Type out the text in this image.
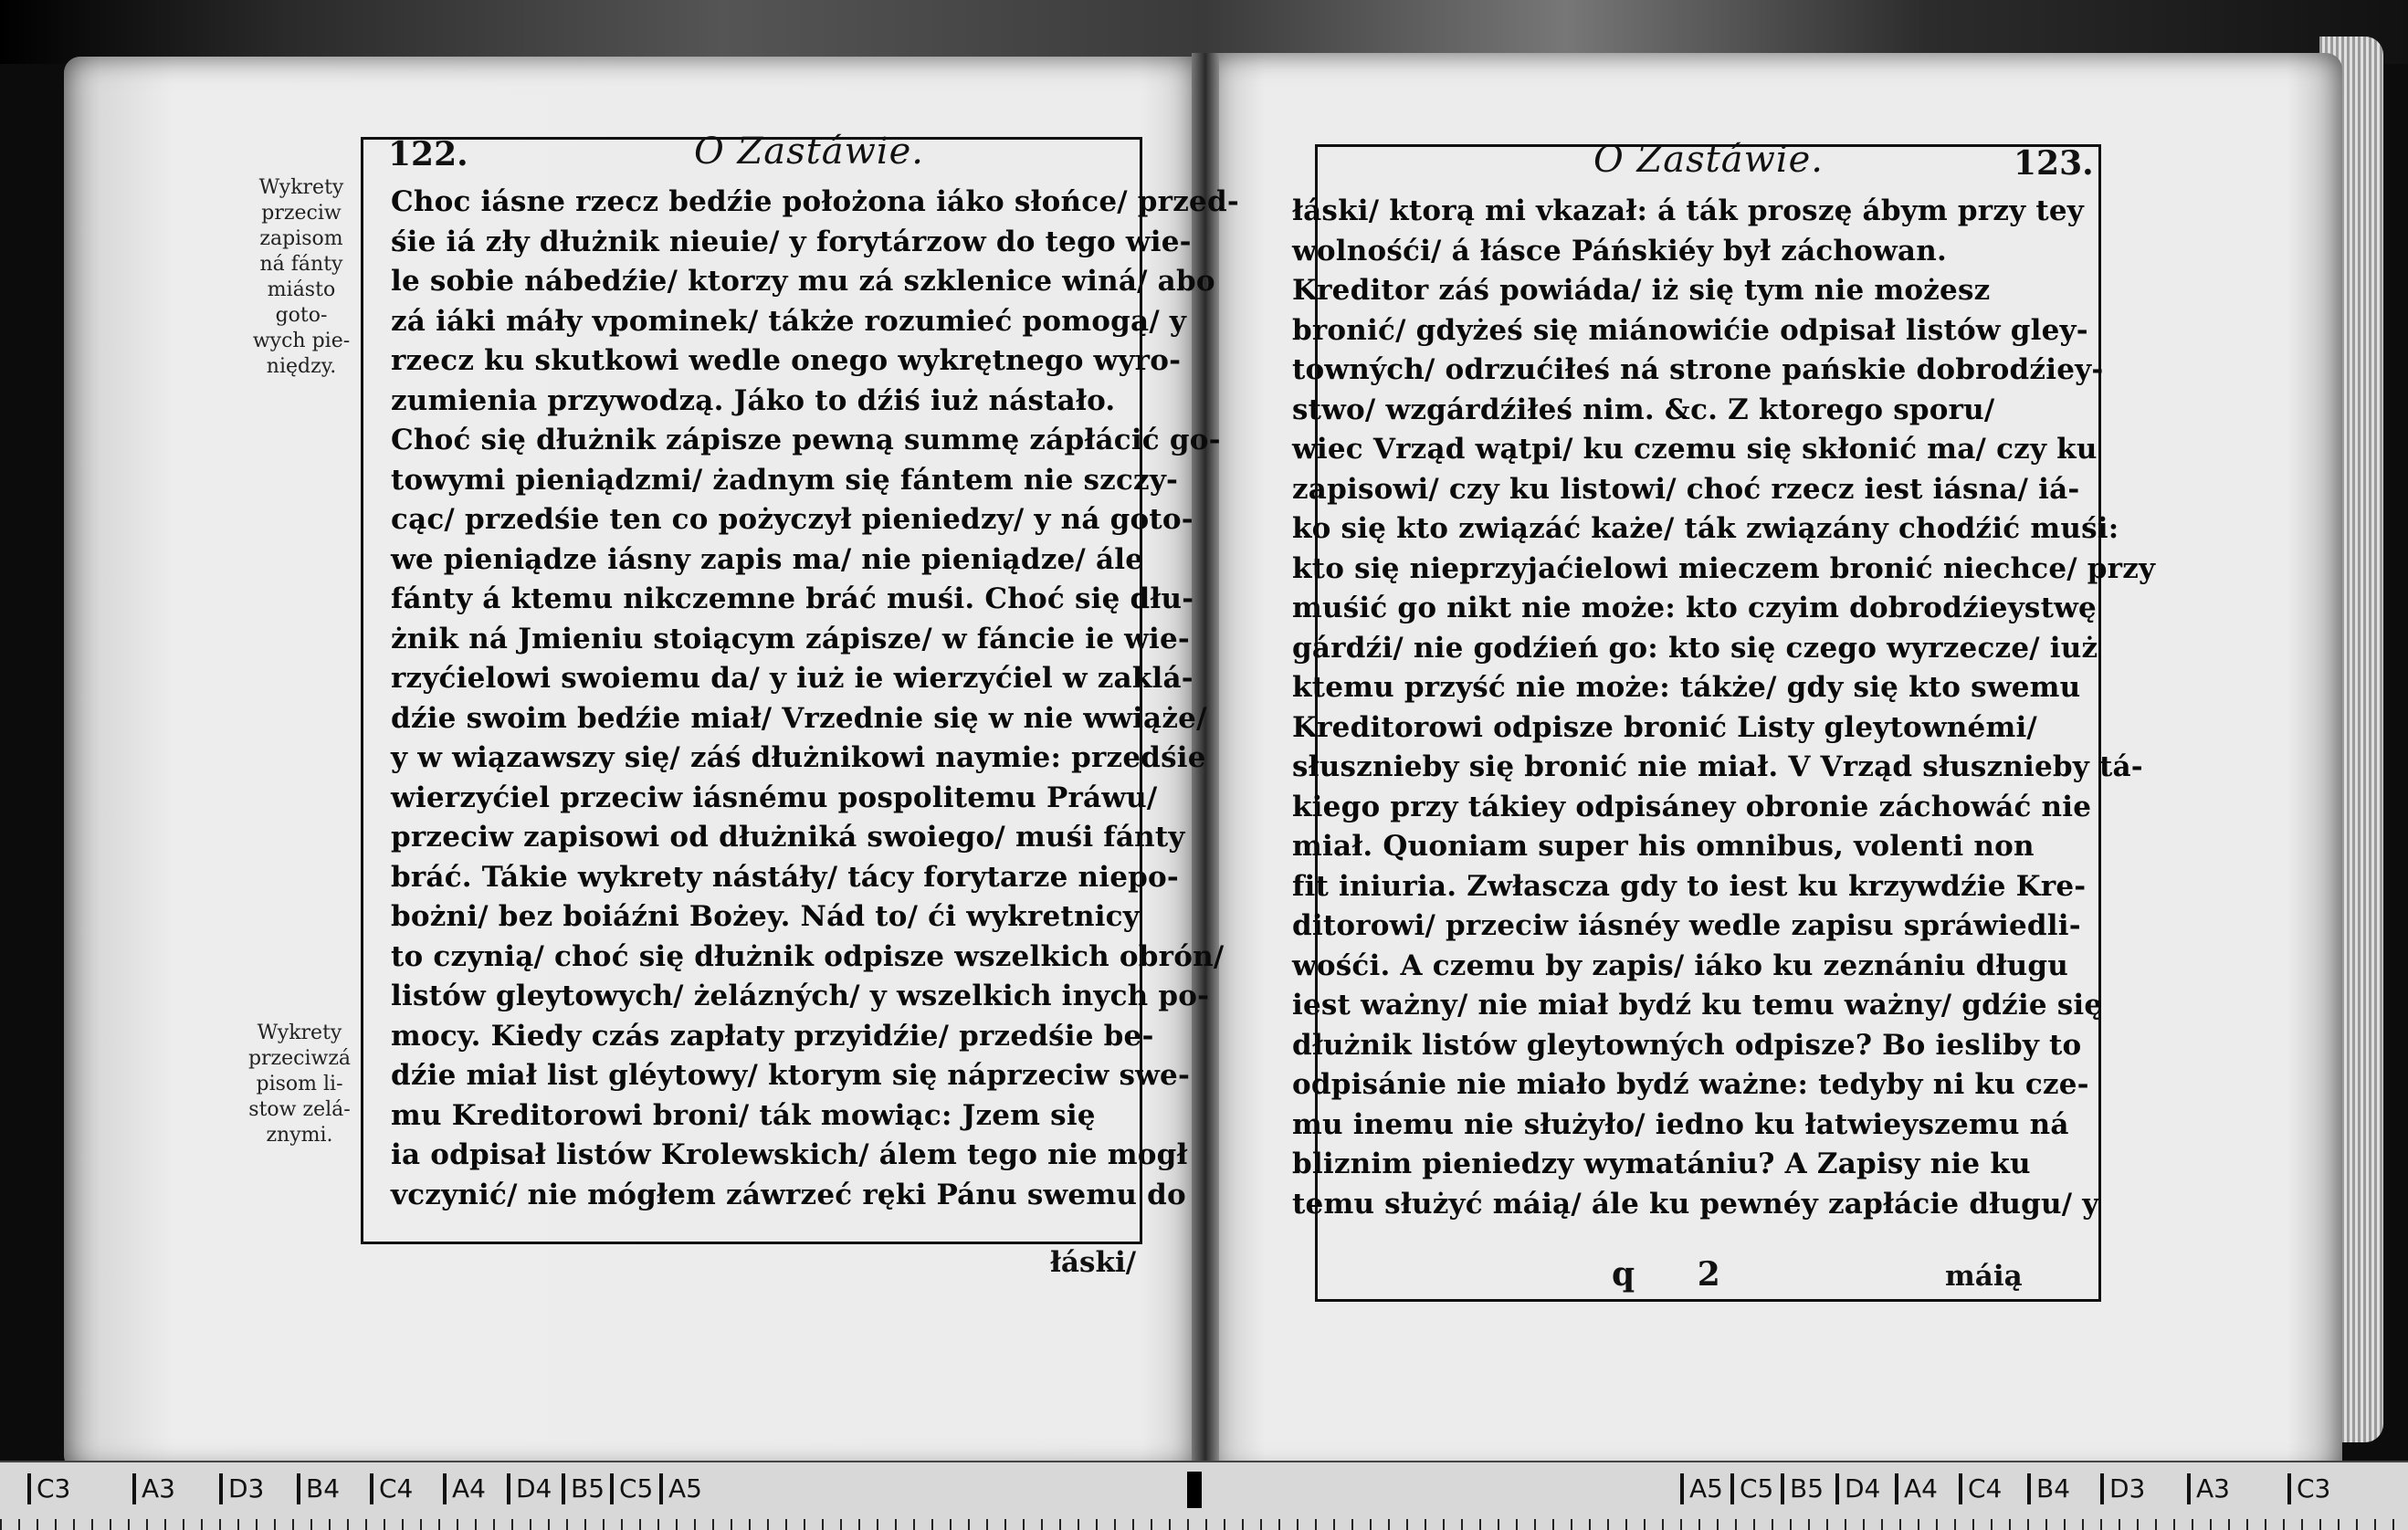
122.	O Zastáwie.
Wykrety
przeciw
zapisom
ná fánty
miásto
goto-
wych pie-
niędzy.
Wykrety
przeciwzá
pisom li-
stow zelá-
znymi.
Choc iásne rzecz bedźie położona iáko słońce/ przed-
śie iá zły dłużnik nieuie/ y forytárzow do tego wie-
le sobie nábedźie/ ktorzy mu zá szklenice winá/ abo
zá iáki máły vpominek/ tákże rozumieć pomogą/ y
rzecz ku skutkowi wedle onego wykrętnego wyro-
zumienia przywodzą. Jáko to dźiś iuż nástało.
Choć się dłużnik zápisze pewną summę zápłácić go-
towymi pieniądzmi/ żadnym się fántem nie szczy-
cąc/ przedśie ten co pożyczył pieniedzy/ y ná goto-
we pieniądze iásny zapis ma/ nie pieniądze/ ále
fánty á ktemu nikczemne bráć muśi. Choć się dłu-
żnik ná Jmieniu stoiącym zápisze/ w fáncie ie wie-
rzyćielowi swoiemu da/ y iuż ie wierzyćiel w zaklá-
dźie swoim bedźie miał/ Vrzednie się w nie wwiąże/
y w wiązawszy się/ záś dłużnikowi naymie: przedśie
wierzyćiel przeciw iásnému pospolitemu Práwu/
przeciw zapisowi od dłużniká swoiego/ muśi fánty
bráć. Tákie wykrety nástáły/ tácy forytarze niepo-
bożni/ bez boiáźni Bożey. Nád to/ ći wykretnicy
to czynią/ choć się dłużnik odpisze wszelkich obrón/
listów gleytowych/ żelázných/ y wszelkich inych po-
mocy. Kiedy czás zapłaty przyidźie/ przedśie be-
dźie miał list gléytowy/ ktorym się náprzeciw swe-
mu Kreditorowi broni/ ták mowiąc: Jzem się
ia odpisał listów Krolewskich/ álem tego nie mogł
vczynić/ nie mógłem záwrzeć ręki Pánu swemu do
łáski/
O Zastáwie.	123.
łáski/ ktorą mi vkazał: á ták proszę ábym przy tey
wolnośći/ á łásce Páńskiéy był záchowan.
Kreditor záś powiáda/ iż się tym nie możesz
bronić/ gdyżeś się miánowićie odpisał listów gley-
towných/ odrzućiłeś ná strone pańskie dobrodźiey-
stwo/ wzgárdźiłeś nim. &c. Z ktorego sporu/
wiec Vrząd wątpi/ ku czemu się skłonić ma/ czy ku
zapisowi/ czy ku listowi/ choć rzecz iest iásna/ iá-
ko się kto związáć każe/ ták związány chodźić muśi:
kto się nieprzyjaćielowi mieczem bronić niechce/ przy
muśić go nikt nie może: kto czyim dobrodźieystwę
gárdźi/ nie godźień go: kto się czego wyrzecze/ iuż
ktemu przyść nie może: tákże/ gdy się kto swemu
Kreditorowi odpisze bronić Listy gleytownémi/
słusznieby się bronić nie miał. V Vrząd słusznieby tá-
kiego przy tákiey odpisáney obronie záchowáć nie
miał. Quoniam super his omnibus, volenti non
fit iniuria. Zwłascza gdy to iest ku krzywdźie Kre-
ditorowi/ przeciw iásnéy wedle zapisu spráwiedli-
wośći. A czemu by zapis/ iáko ku zeznániu długu
iest ważny/ nie miał bydź ku temu ważny/ gdźie się
dłużnik listów gleytowných odpisze? Bo iesliby to
odpisánie nie miało bydź ważne: tedyby ni ku cze-
mu inemu nie służyło/ iedno ku łatwieyszemu ná
bliznim pieniedzy wymatániu? A Zapisy nie ku
temu służyć máią/ ále ku pewnéy zapłácie długu/ y
q 2	máią
C3	A3	D3	B4	C4	A4	D4 B5 C5 A5	A5 C5 B5 D4 A4	C4	B4	D3	A3	C3
